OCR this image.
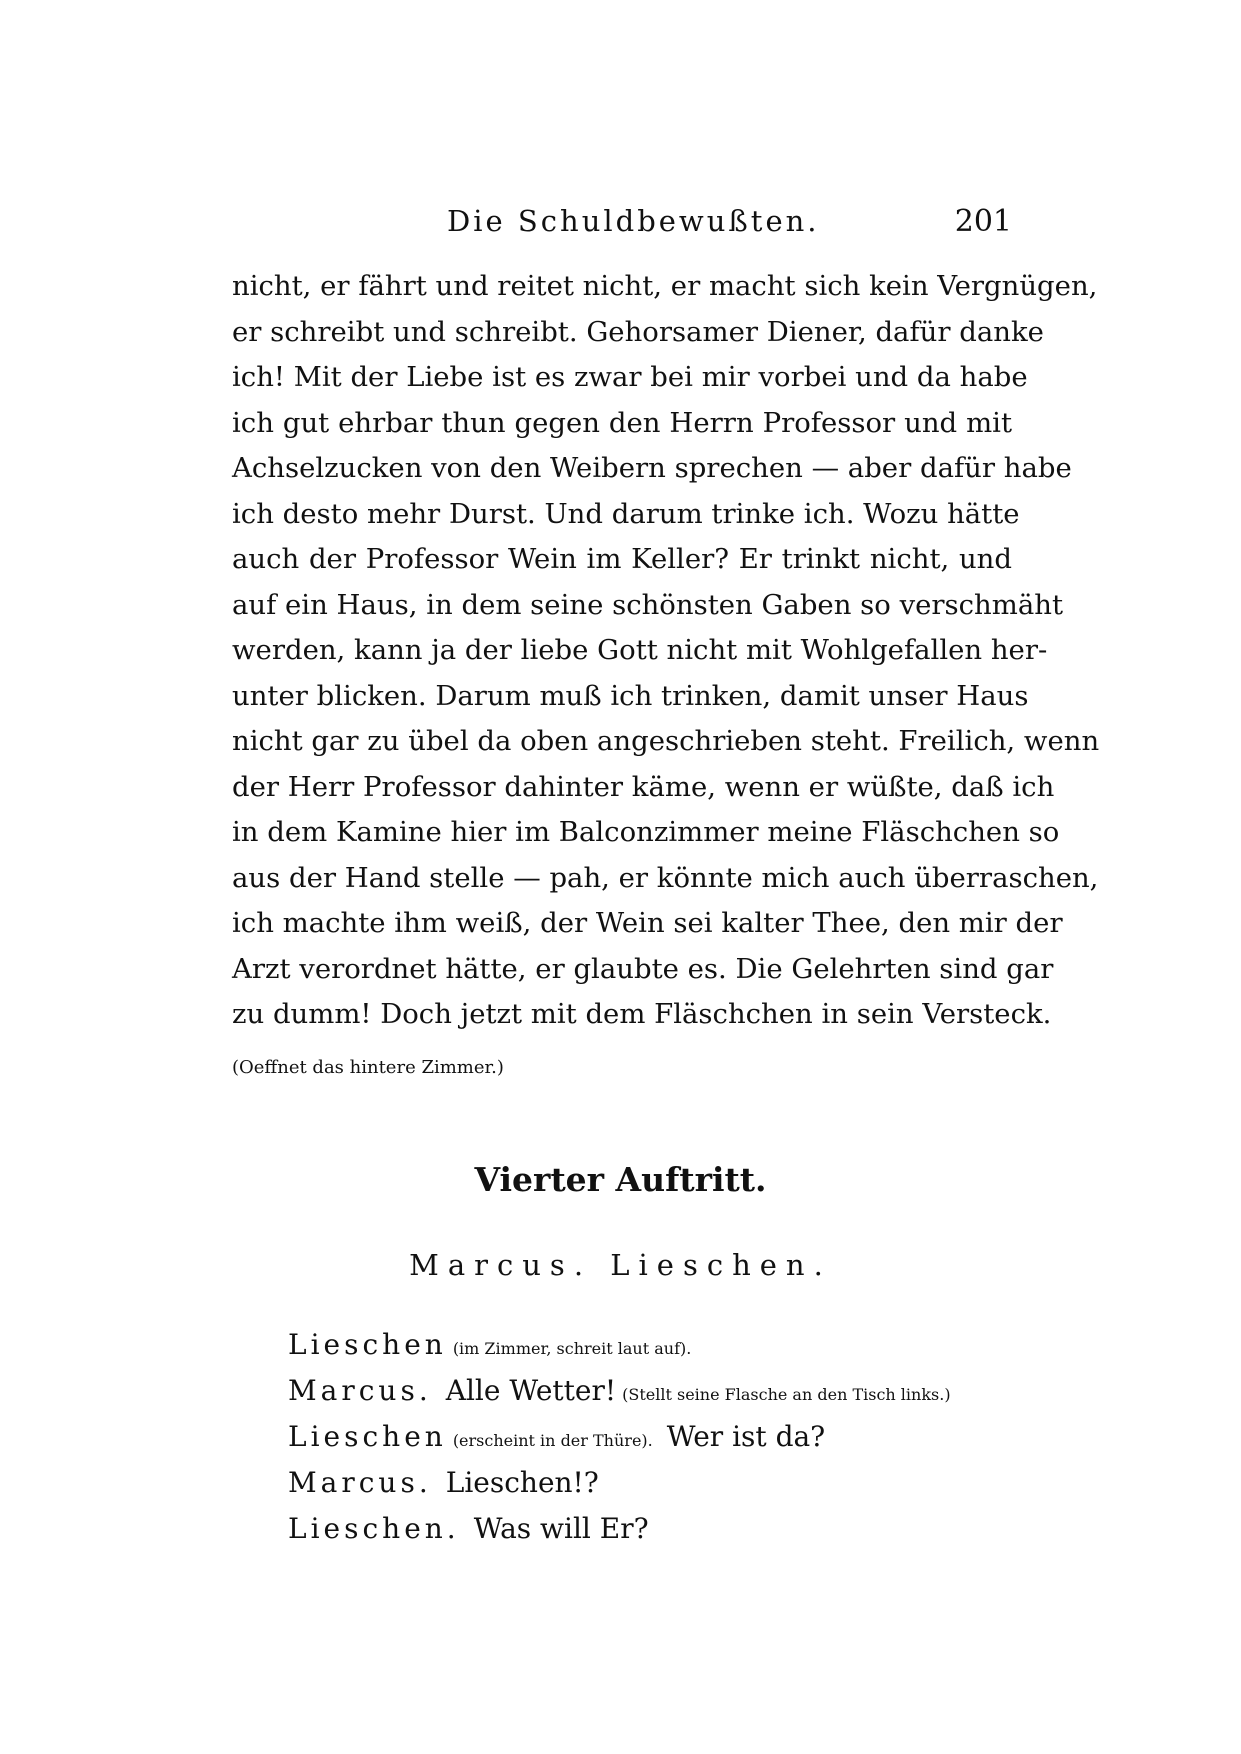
Die Schuldbewußten.	201
nicht, er fährt und reitet nicht, er macht sich kein Vergnügen,
er schreibt und schreibt. Gehorsamer Diener, dafür danke
ich! Mit der Liebe ist es zwar bei mir vorbei und da habe
ich gut ehrbar thun gegen den Herrn Professor und mit
Achselzucken von den Weibern sprechen — aber dafür habe
ich desto mehr Durst. Und darum trinke ich. Wozu hätte
auch der Professor Wein im Keller? Er trinkt nicht, und
auf ein Haus, in dem seine schönsten Gaben so verschmäht
werden, kann ja der liebe Gott nicht mit Wohlgefallen her-
unter blicken. Darum muß ich trinken, damit unser Haus
nicht gar zu übel da oben angeschrieben steht. Freilich, wenn
der Herr Professor dahinter käme, wenn er wüßte, daß ich
in dem Kamine hier im Balconzimmer meine Fläschchen so
aus der Hand stelle — pah, er könnte mich auch überraschen,
ich machte ihm weiß, der Wein sei kalter Thee, den mir der
Arzt verordnet hätte, er glaubte es. Die Gelehrten sind gar
zu dumm! Doch jetzt mit dem Fläschchen in sein Versteck.
(Oeffnet das hintere Zimmer.)
Vierter Auftritt.
Marcus. Lieschen.
Lieschen (im Zimmer, schreit laut auf).
Marcus. Alle Wetter! (Stellt seine Flasche an den Tisch links.)
Lieschen (erscheint in der Thüre). Wer ist da?
Marcus. Lieschen!?
Lieschen. Was will Er?
